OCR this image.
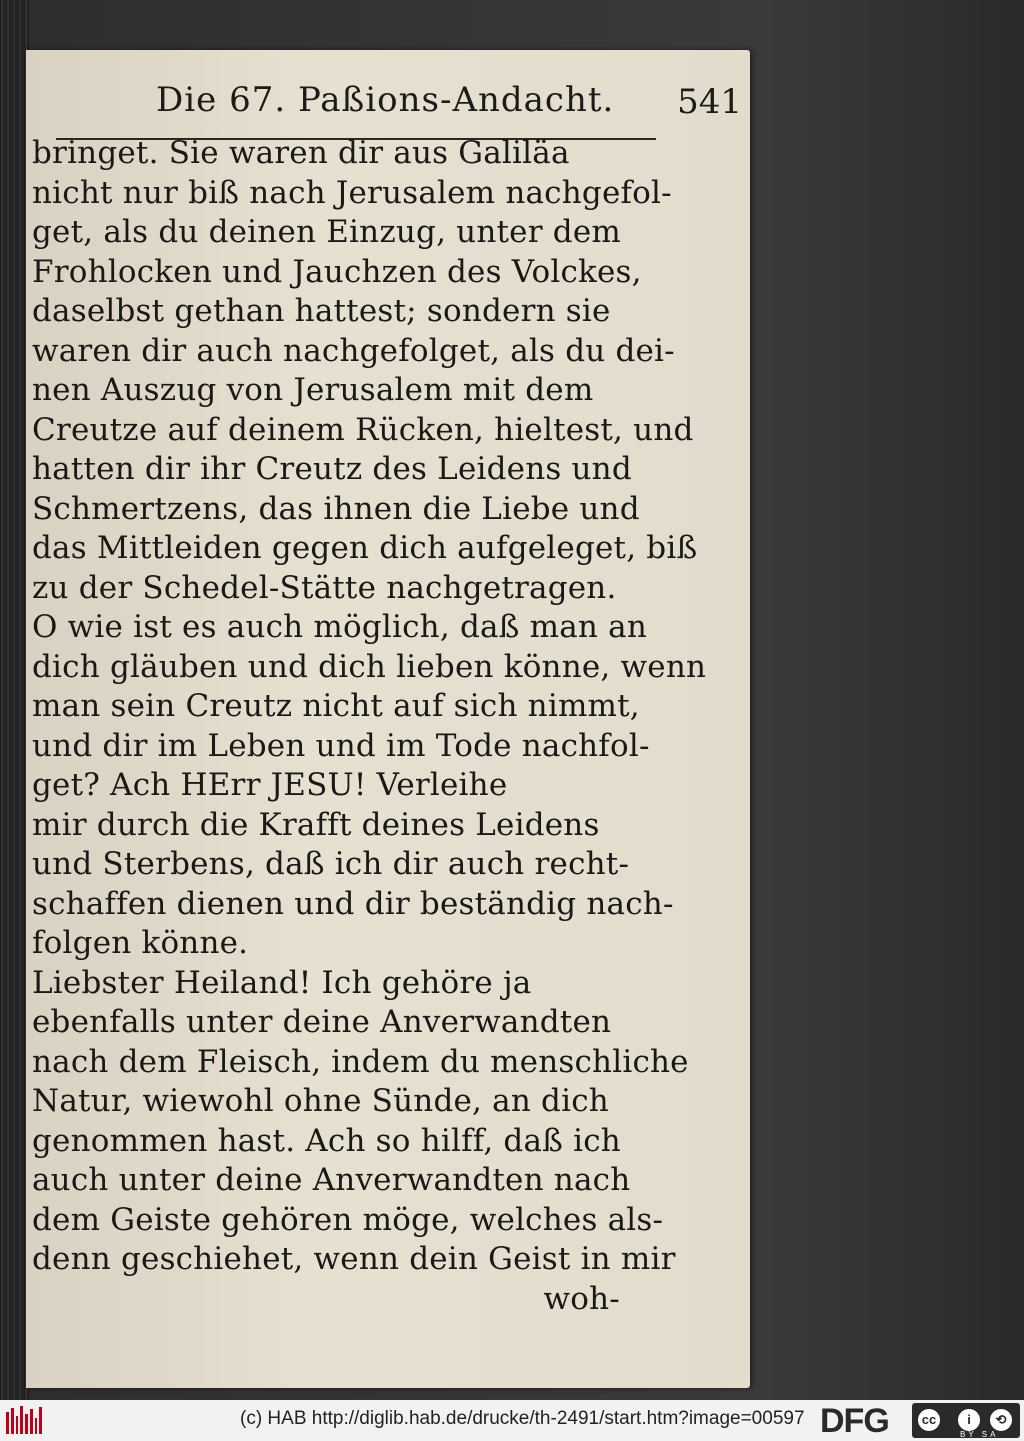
Die 67. Paßions-Andacht. 541
bringet. Sie waren dir aus Galiläa
nicht nur biß nach Jerusalem nachgefol-
get, als du deinen Einzug, unter dem
Frohlocken und Jauchzen des Volckes,
daselbst gethan hattest; sondern sie
waren dir auch nachgefolget, als du dei-
nen Auszug von Jerusalem mit dem
Creutze auf deinem Rücken, hieltest, und
hatten dir ihr Creutz des Leidens und
Schmertzens, das ihnen die Liebe und
das Mittleiden gegen dich aufgeleget, biß
zu der Schedel-Stätte nachgetragen.
O wie ist es auch möglich, daß man an
dich gläuben und dich lieben könne, wenn
man sein Creutz nicht auf sich nimmt,
und dir im Leben und im Tode nachfol-
get? Ach HErr JESU! Verleihe
mir durch die Krafft deines Leidens
und Sterbens, daß ich dir auch recht-
schaffen dienen und dir beständig nach-
folgen könne.
Liebster Heiland! Ich gehöre ja
ebenfalls unter deine Anverwandten
nach dem Fleisch, indem du menschliche
Natur, wiewohl ohne Sünde, an dich
genommen hast. Ach so hilff, daß ich
auch unter deine Anverwandten nach
dem Geiste gehören möge, welches als-
denn geschiehet, wenn dein Geist in mir
woh-
(c) HAB http://diglib.hab.de/drucke/th-2491/start.htm?image=00597 DFG	cc	i	⟲
BY SA
